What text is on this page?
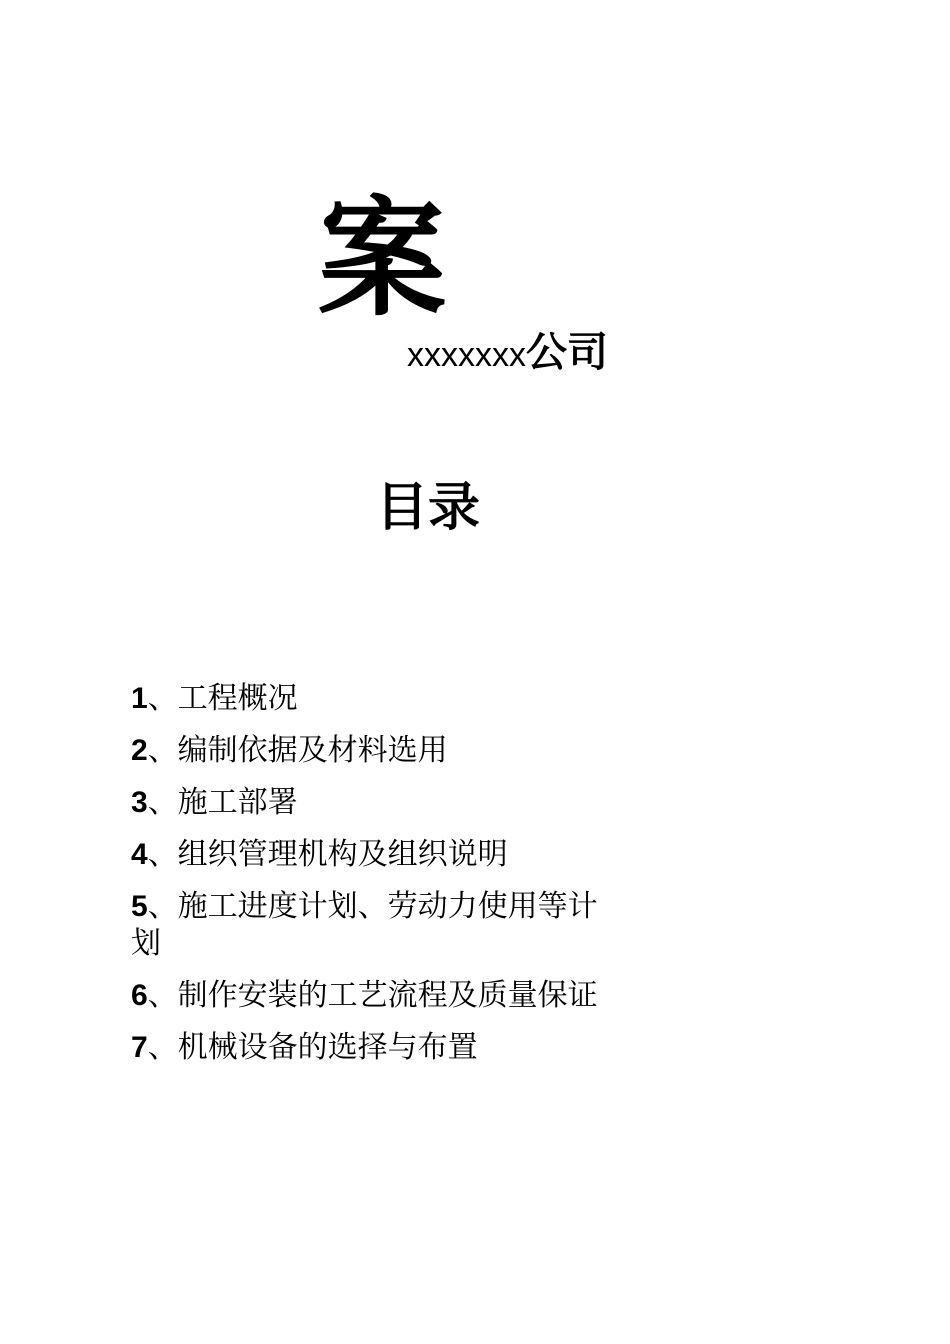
案
xxxxxxx公司
目录
1、工程概况
2、编制依据及材料选用
3、施工部署
4、组织管理机构及组织说明
5、施工进度计划、劳动力使用等计划
6、制作安装的工艺流程及质量保证
7、机械设备的选择与布置
